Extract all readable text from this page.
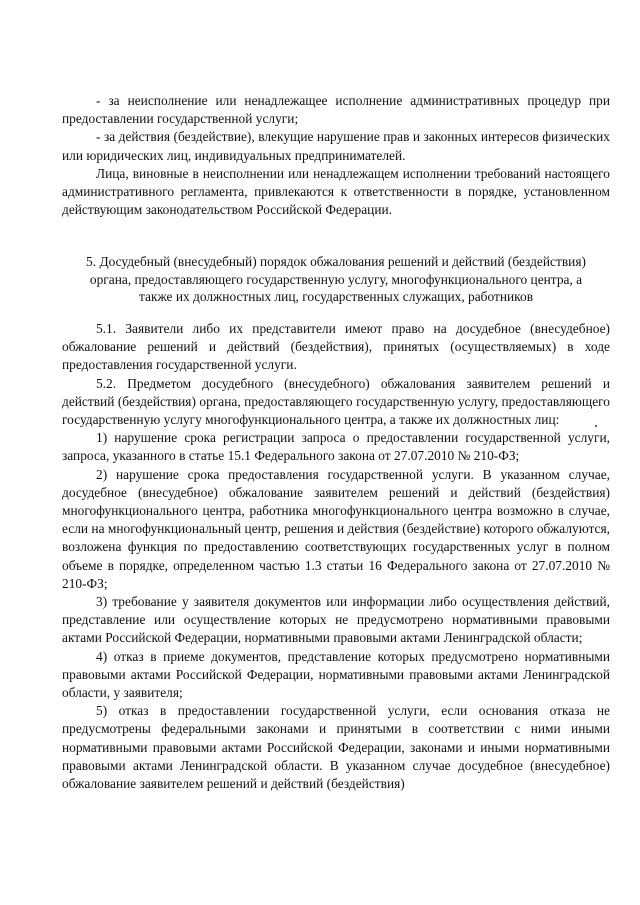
- за неисполнение или ненадлежащее исполнение административных процедур при предоставлении государственной услуги;

- за действия (бездействие), влекущие нарушение прав и законных интересов физических или юридических лиц, индивидуальных предпринимателей.

Лица, виновные в неисполнении или ненадлежащем исполнении требований настоящего административного регламента, привлекаются к ответственности в порядке, установленном действующим законодательством Российской Федерации.

5. Досудебный (внесудебный) порядок обжалования решений и действий (бездействия)

органа, предоставляющего государственную услугу, многофункционального центра, а

также их должностных лиц, государственных служащих, работников

5.1. Заявители либо их представители имеют право на досудебное (внесудебное) обжалование решений и действий (бездействия), принятых (осуществляемых) в ходе предоставления государственной услуги.

5.2. Предметом досудебного (внесудебного) обжалования заявителем решений и действий (бездействия) органа, предоставляющего государственную услугу, предоставляющего государственную услугу многофункционального центра, а также их должностных лиц:

1) нарушение срока регистрации запроса о предоставлении государственной услуги, запроса, указанного в статье 15.1 Федерального закона от 27.07.2010 № 210-ФЗ;

2) нарушение срока предоставления государственной услуги. В указанном случае, досудебное (внесудебное) обжалование заявителем решений и действий (бездействия) многофункционального центра, работника многофункционального центра возможно в случае, если на многофункциональный центр, решения и действия (бездействие) которого обжалуются, возложена функция по предоставлению соответствующих государственных услуг в полном объеме в порядке, определенном частью 1.3 статьи 16 Федерального закона от 27.07.2010 № 210-ФЗ;

3) требование у заявителя документов или информации либо осуществления действий, представление или осуществление которых не предусмотрено нормативными правовыми актами Российской Федерации, нормативными правовыми актами Ленинградской области;

4) отказ в приеме документов, представление которых предусмотрено нормативными правовыми актами Российской Федерации, нормативными правовыми актами Ленинградской области, у заявителя;

5) отказ в предоставлении государственной услуги, если основания отказа не предусмотрены федеральными законами и принятыми в соответствии с ними иными нормативными правовыми актами Российской Федерации, законами и иными нормативными правовыми актами Ленинградской области. В указанном случае досудебное (внесудебное) обжалование заявителем решений и действий (бездействия)
